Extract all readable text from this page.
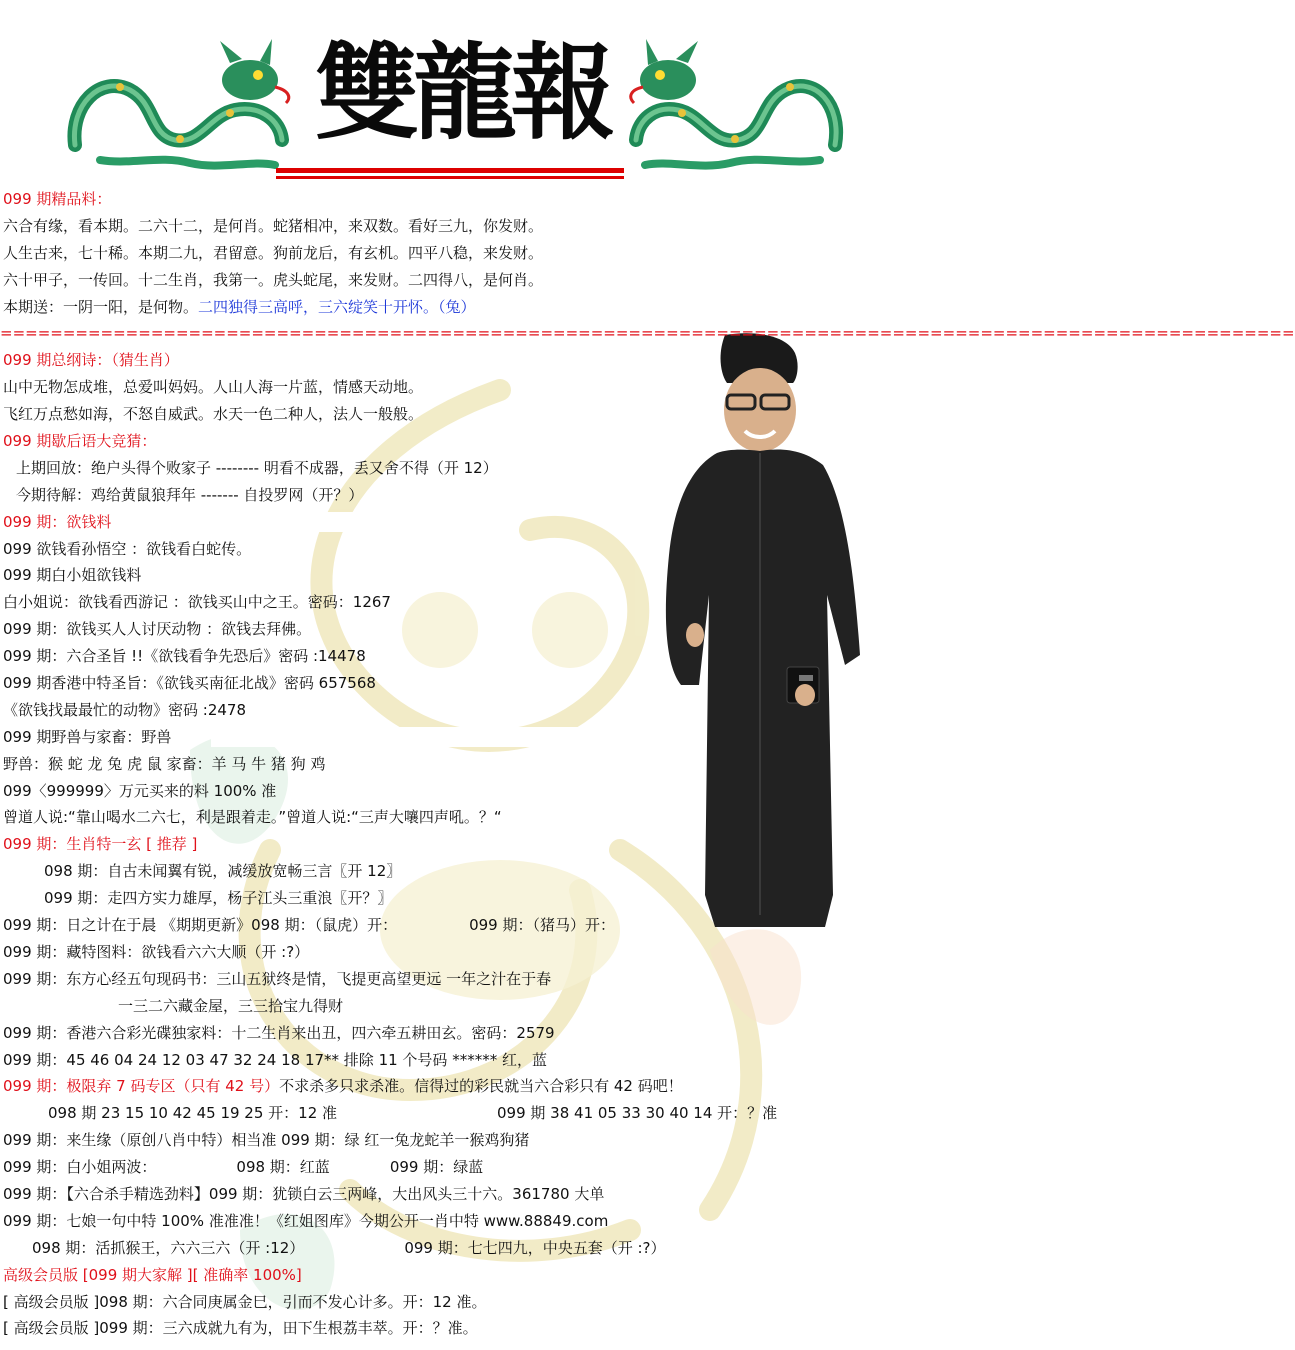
雙龍報
099 期精品料：
六合有缘，看本期。二六十二，是何肖。蛇猪相冲，来双数。看好三九，你发财。
人生古来，七十稀。本期二九，君留意。狗前龙后，有玄机。四平八稳，来发财。
六十甲子，一传回。十二生肖，我第一。虎头蛇尾，来发财。二四得八，是何肖。
本期送：一阴一阳，是何物。二四独得三高呼，三六绽笑十开怀。（兔）
=======================================================================================================
099 期总纲诗：（猜生肖）
山中无物怎成堆，总爱叫妈妈。人山人海一片蓝，情感天动地。
飞红万点愁如海，不怒自威武。水天一色二种人，法人一般般。
099 期歇后语大竞猜：
上期回放：绝户头得个败家子 -------- 明看不成器，丢又舍不得（开 12）
今期待解：鸡给黄鼠狼拜年 ------- 自投罗网（开？）
099 期：欲钱料
099 欲钱看孙悟空 ：欲钱看白蛇传。
099 期白小姐欲钱料
白小姐说：欲钱看西游记 ：欲钱买山中之王。密码：1267
099 期：欲钱买人人讨厌动物 ：欲钱去拜佛。
099 期：六合圣旨 !!《欲钱看争先恐后》密码 :14478
099 期香港中特圣旨：《欲钱买南征北战》密码 657568
《欲钱找最最忙的动物》密码 :2478
099 期野兽与家畜：野兽
野兽：猴 蛇 龙 兔 虎 鼠 家畜：羊 马 牛 猪 狗 鸡
099〈999999〉万元买来的料 100% 准
曾道人说:“靠山喝水二六七，利是跟着走。”曾道人说:“三声大嚷四声吼。？“
099 期：生肖特一玄 [ 推荐 ]
098 期：自古未闻翼有锐，减缓放宽畅三言〖开 12〗
099 期：走四方实力雄厚，杨子江头三重浪〖开？〗
099 期：日之计在于晨 《期期更新》098 期：（鼠虎）开：	099 期：（猪马）开：
099 期：藏特图料：欲钱看六六大顺（开 :?）
099 期：东方心经五句现码书：三山五狱终是情，飞提更高望更远 一年之汁在于春
一三二六藏金屋，三三拾宝九得财
099 期：香港六合彩光碟独家料：十二生肖来出丑，四六牵五耕田玄。密码：2579
099 期：45 46 04 24 12 03 47 32 24 18 17** 排除 11 个号码 ****** 红，蓝
099 期：极限弃 7 码专区（只有 42 号）不求杀多只求杀准。信得过的彩民就当六合彩只有 42 码吧！
098 期 23 15 10 42 45 19 25 开：12 准	099 期 38 41 05 33 30 40 14 开：？准
099 期：来生缘（原创八肖中特）相当准 099 期：绿 红一兔龙蛇羊一猴鸡狗猪
099 期：白小姐两波：	098 期：红蓝	099 期：绿蓝
099 期：【六合杀手精选劲料】099 期：犹锁白云三两峰，大出风头三十六。361780 大单
099 期：七娘一句中特 100% 准准准！《红姐图库》今期公开一肖中特 www.88849.com
098 期：活抓猴王，六六三六（开 :12）	099 期：七七四九，中央五套（开 :?）
高级会员版 [099 期大家解 ][ 准确率 100%]
[ 高级会员版 ]098 期：六合同庚属金巳，引而不发心计多。开：12 准。
[ 高级会员版 ]099 期：三六成就九有为，田下生根荔丰萃。开：？准。
